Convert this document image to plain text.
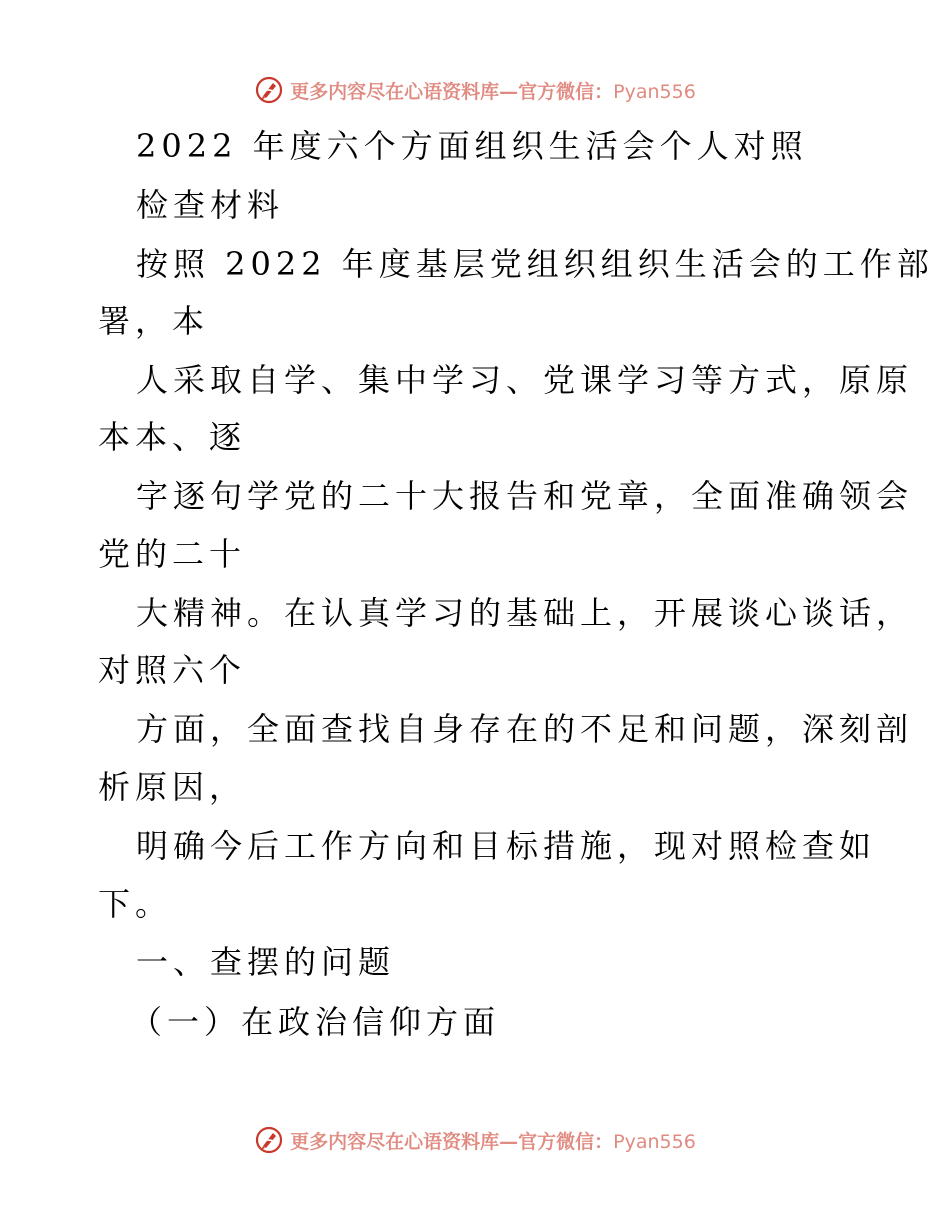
更多内容尽在心语资料库—官方微信：Pyan556
2022 年度六个方面组织生活会个人对照
检查材料
按照 2022 年度基层党组织组织生活会的工作部
署，本
人采取自学、集中学习、党课学习等方式，原原
本本、逐
字逐句学党的二十大报告和党章，全面准确领会
党的二十
大精神。在认真学习的基础上，开展谈心谈话，
对照六个
方面，全面查找自身存在的不足和问题，深刻剖
析原因，
明确今后工作方向和目标措施，现对照检查如
下。
一、查摆的问题
（一）在政治信仰方面
更多内容尽在心语资料库—官方微信：Pyan556
